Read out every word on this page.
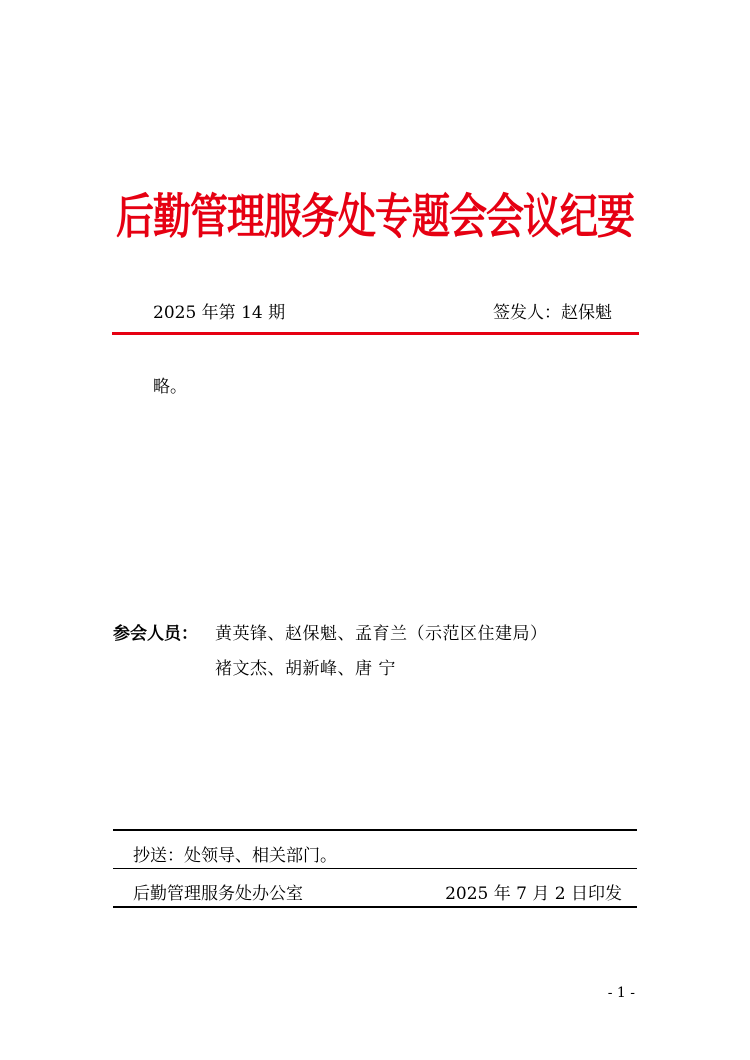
后勤管理服务处专题会会议纪要
2025 年第 14 期	签发人：赵保魁
略。
参会人员： 黄英锋、赵保魁、孟育兰（示范区住建局）
褚文杰、胡新峰、唐 宁
抄送：处领导、相关部门。
后勤管理服务处办公室	2025 年 7 月 2 日印发
- 1 -
